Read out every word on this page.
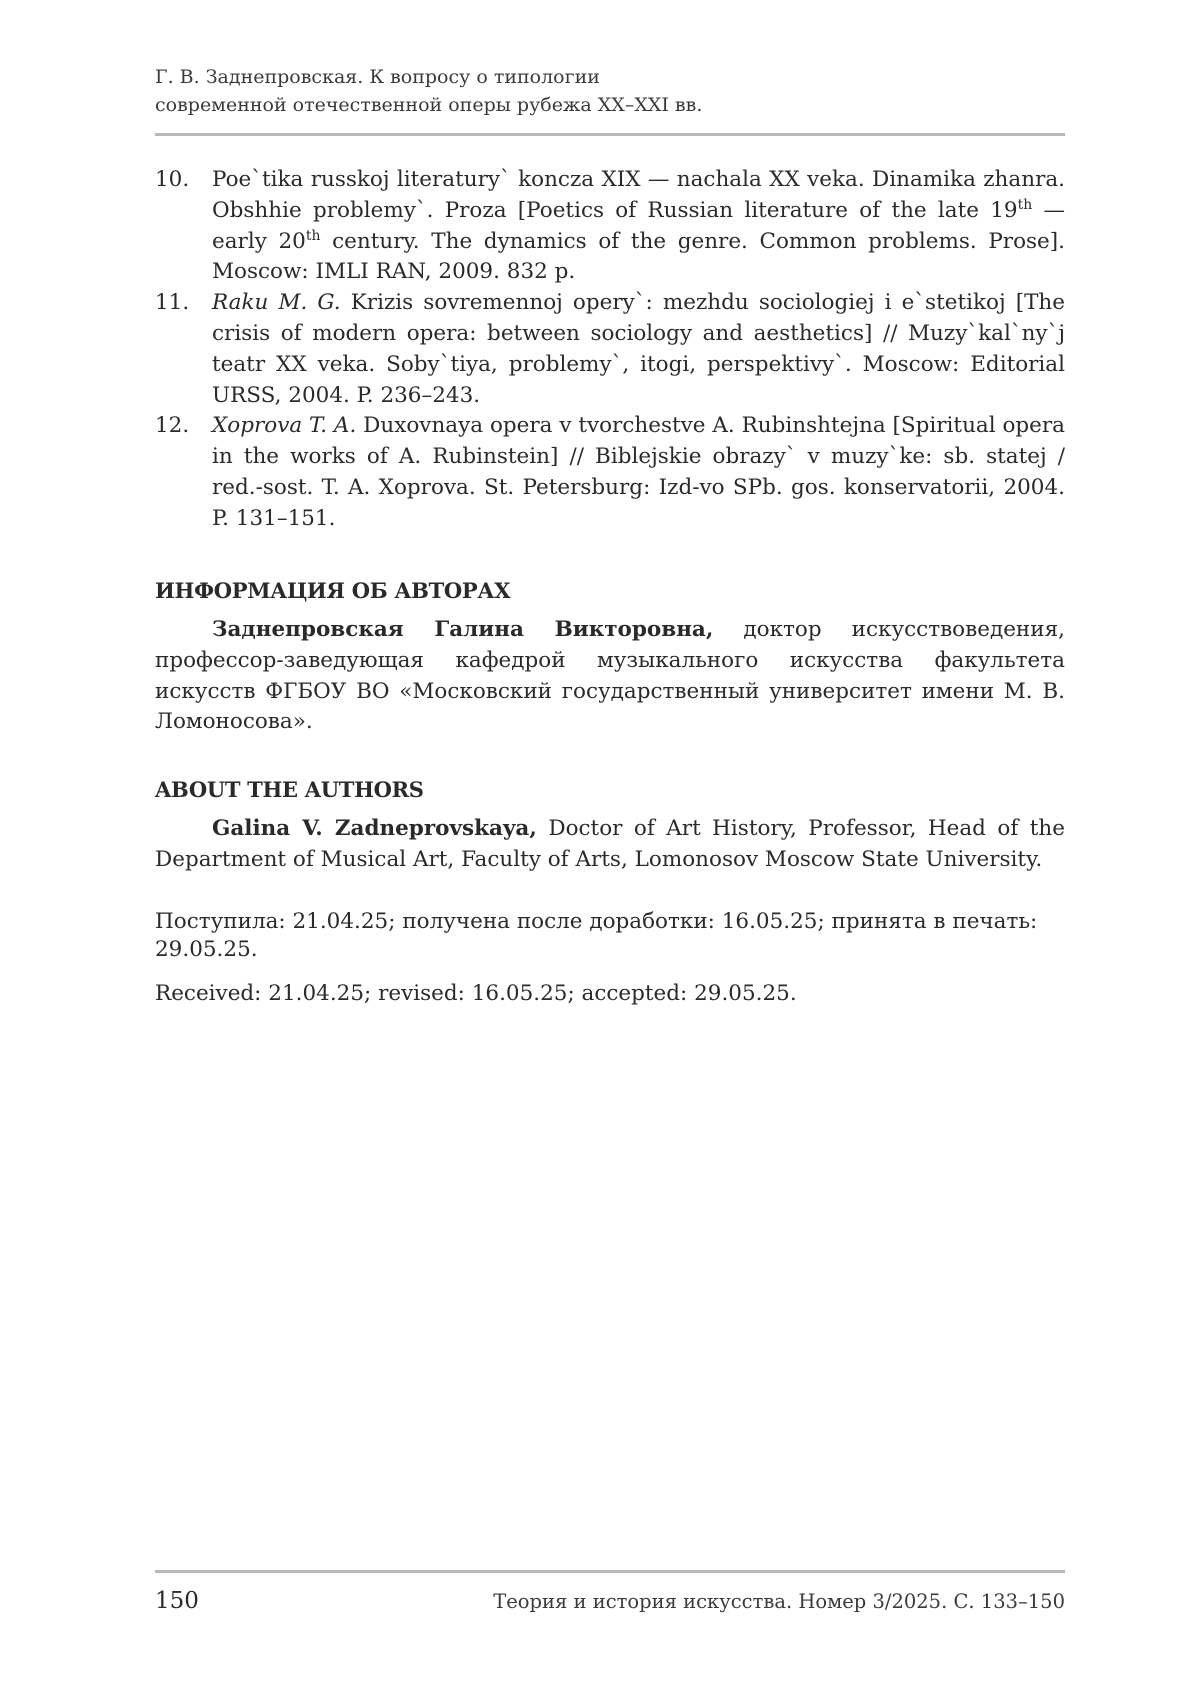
Г. В. Заднепровская. К вопросу о типологии
современной отечественной оперы рубежа XX–XXI вв.
10. Poe`tika russkoj literatury` koncza XIX — nachala XX veka. Dinamika zhanra. Obshhie problemy`. Proza [Poetics of Russian literature of the late 19th — early 20th century. The dynamics of the genre. Common problems. Prose]. Moscow: IMLI RAN, 2009. 832 p.
11. Raku M. G. Krizis sovremennoj opery`: mezhdu sociologiej i e`stetikoj [The crisis of modern opera: between sociology and aesthetics] // Muzy`kal`ny`j teatr XX veka. Soby`tiya, problemy`, itogi, perspektivy`. Moscow: Editorial URSS, 2004. P. 236–243.
12. Xoprova T. A. Duxovnaya opera v tvorchestve A. Rubinshtejna [Spiritual opera in the works of A. Rubinstein] // Biblejskie obrazy` v muzy`ke: sb. statej / red.-sost. T. A. Xoprova. St. Petersburg: Izd-vo SPb. gos. konservatorii, 2004. P. 131–151.
ИНФОРМАЦИЯ ОБ АВТОРАХ

Заднепровская Галина Викторовна, доктор искусствоведения, профессор-заведующая кафедрой музыкального искусства факультета искусств ФГБОУ ВО «Московский государственный университет имени М. В. Ломоносова».

ABOUT THE AUTHORS

Galina V. Zadneprovskaya, Doctor of Art History, Professor, Head of the Department of Musical Art, Faculty of Arts, Lomonosov Moscow State University.

Поступила: 21.04.25; получена после доработки: 16.05.25; принята в печать: 29.05.25.

Received: 21.04.25; revised: 16.05.25; accepted: 29.05.25.

150	Теория и история искусства. Номер 3/2025. С. 133–150
